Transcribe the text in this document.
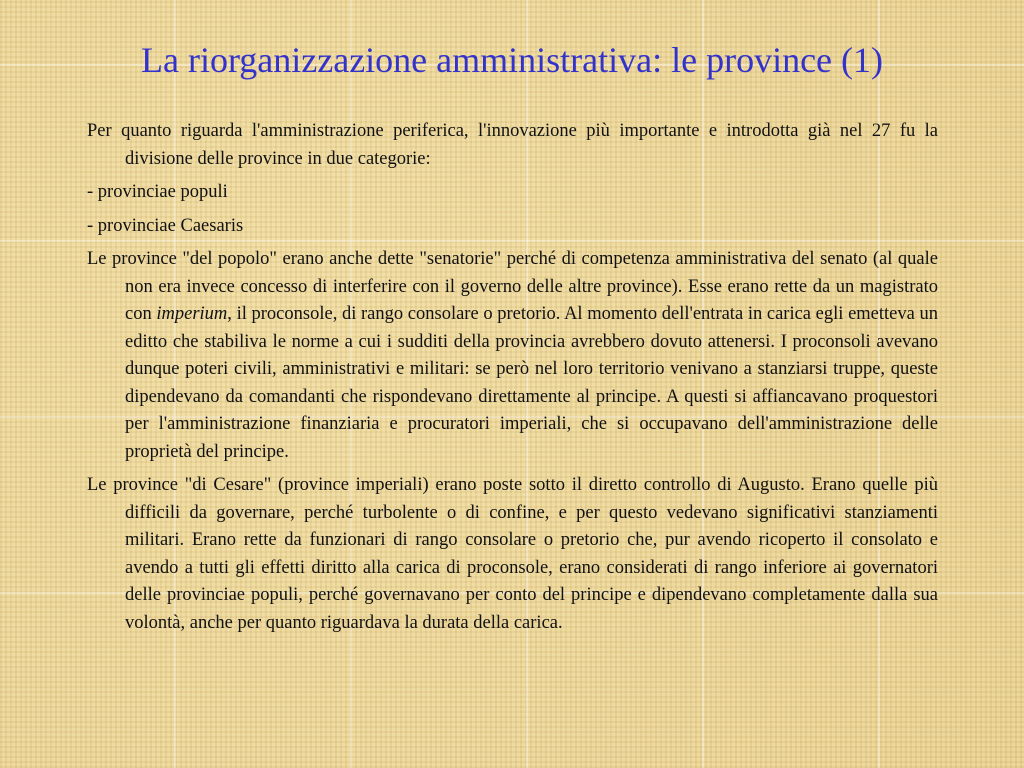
La riorganizzazione amministrativa: le province (1)

Per quanto riguarda l'amministrazione periferica, l'innovazione più importante e introdotta già nel 27 fu la divisione delle province in due categorie:

- provinciae populi

- provinciae Caesaris

Le province "del popolo" erano anche dette "senatorie" perché di competenza amministrativa del senato (al quale non era invece concesso di interferire con il governo delle altre province). Esse erano rette da un magistrato con imperium, il proconsole, di rango consolare o pretorio. Al momento dell'entrata in carica egli emetteva un editto che stabiliva le norme a cui i sudditi della provincia avrebbero dovuto attenersi. I proconsoli avevano dunque poteri civili, amministrativi e militari: se però nel loro territorio venivano a stanziarsi truppe, queste dipendevano da comandanti che rispondevano direttamente al principe. A questi si affiancavano proquestori per l'amministrazione finanziaria e procuratori imperiali, che si occupavano dell'amministrazione delle proprietà del principe.

Le province "di Cesare" (province imperiali) erano poste sotto il diretto controllo di Augusto. Erano quelle più difficili da governare, perché turbolente o di confine, e per questo vedevano significativi stanziamenti militari. Erano rette da funzionari di rango consolare o pretorio che, pur avendo ricoperto il consolato e avendo a tutti gli effetti diritto alla carica di proconsole, erano considerati di rango inferiore ai governatori delle provinciae populi, perché governavano per conto del principe e dipendevano completamente dalla sua volontà, anche per quanto riguardava la durata della carica.
